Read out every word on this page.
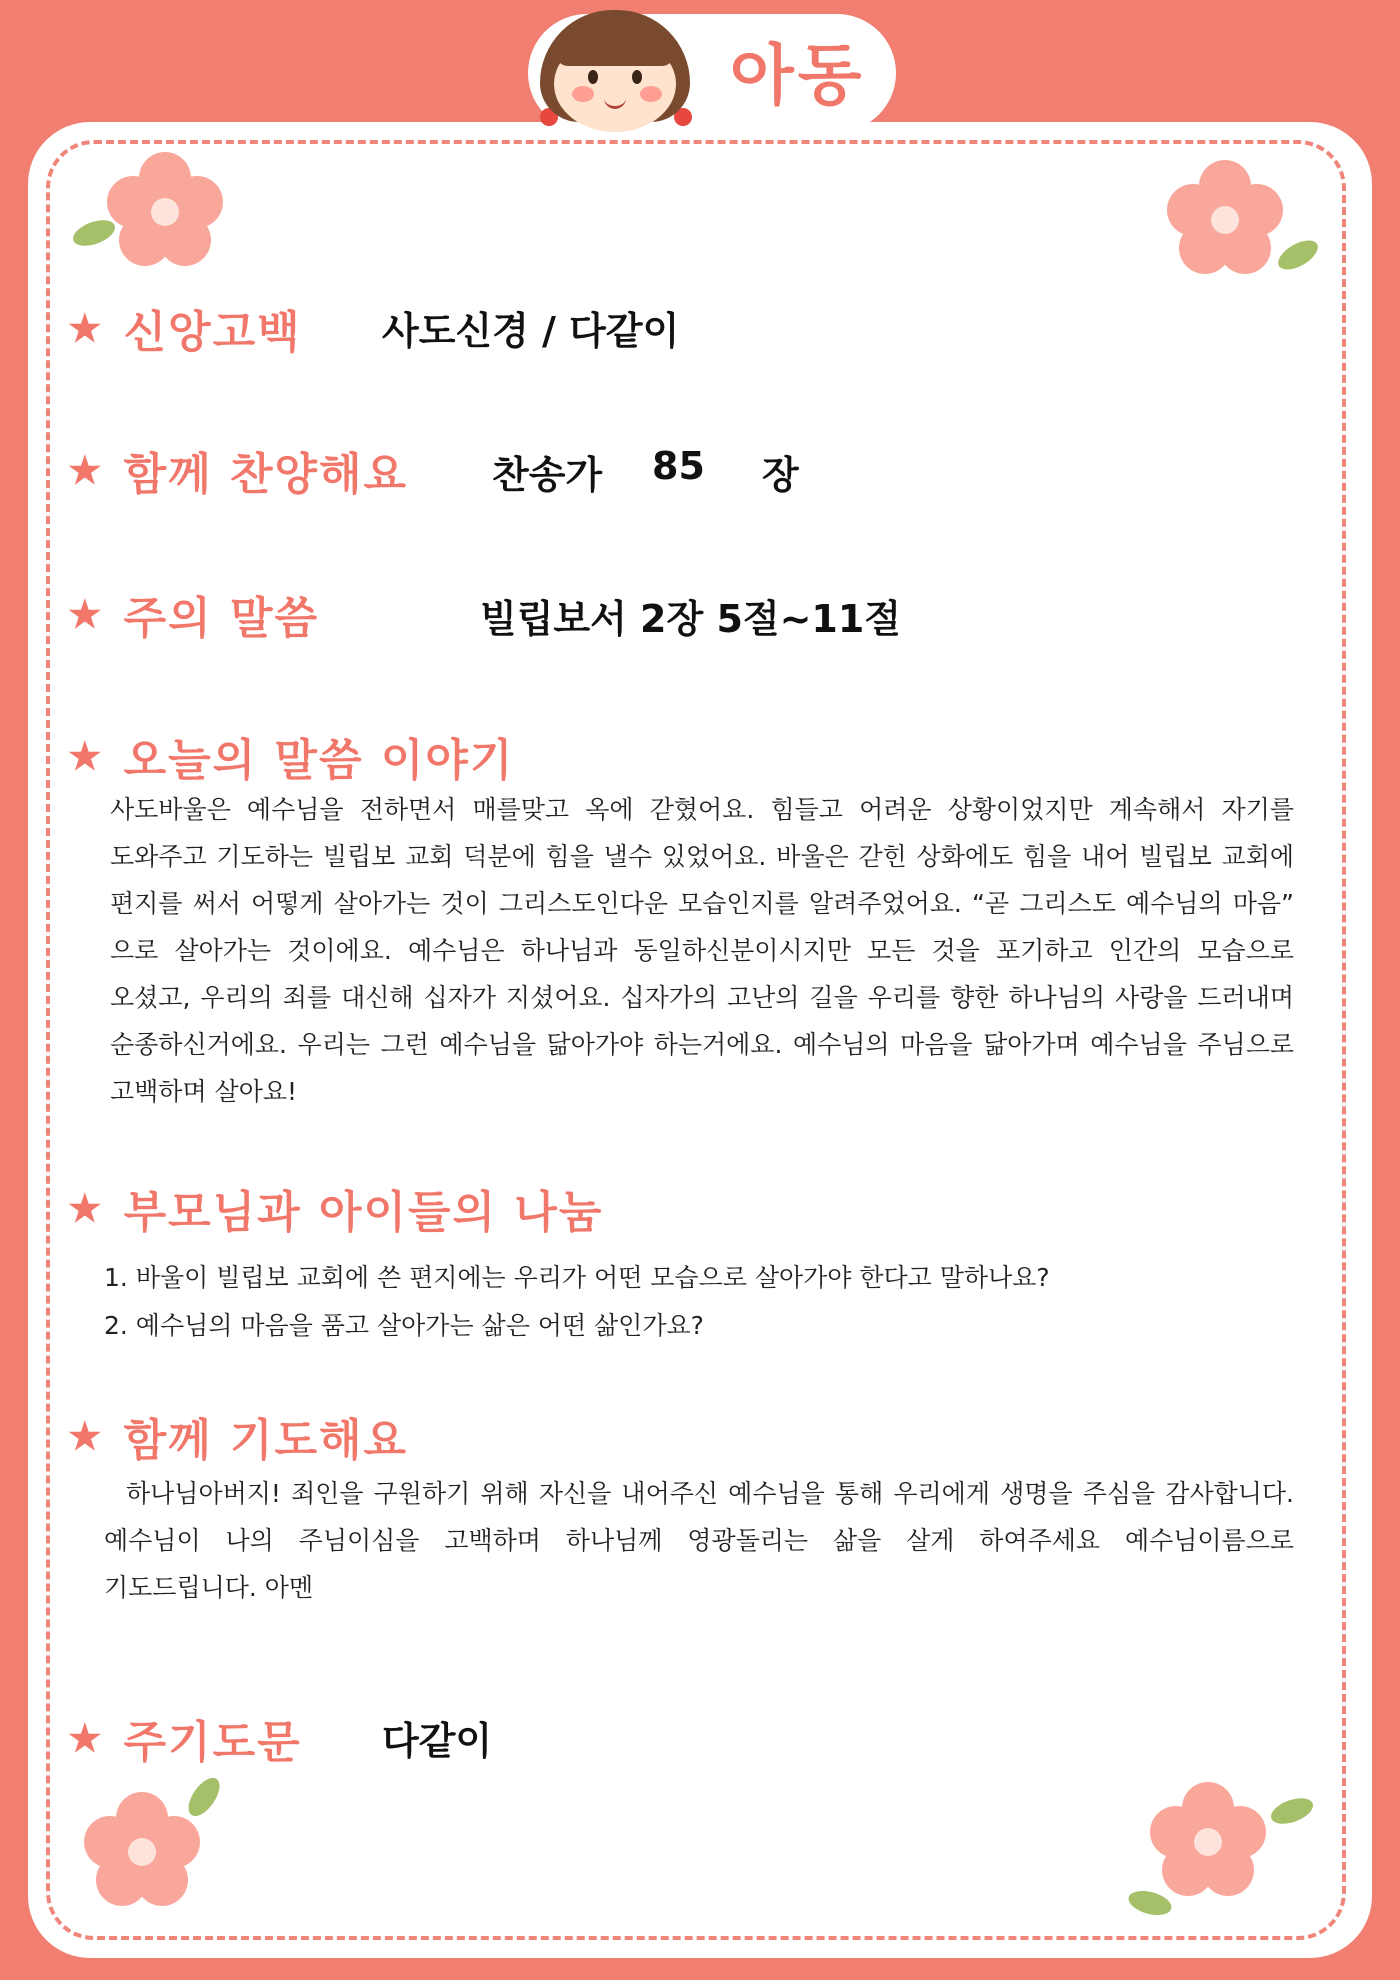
아동
★ 신앙고백 사도신경 / 다같이
★ 함께 찬양해요 찬송가 85 장
★ 주의 말씀	빌립보서 2장 5절~11절
★ 오늘의 말씀 이야기
사도바울은 예수님을 전하면서 매를맞고 옥에 갇혔어요. 힘들고 어려운 상황이었지만 계속해서 자기를 도와주고 기도하는 빌립보 교회 덕분에 힘을 낼수 있었어요. 바울은 갇힌 상화에도 힘을 내어 빌립보 교회에 편지를 써서 어떻게 살아가는 것이 그리스도인다운 모습인지를 알려주었어요. “곧 그리스도 예수님의 마음” 으로 살아가는 것이에요. 예수님은 하나님과 동일하신분이시지만 모든 것을 포기하고 인간의 모습으로 오셨고, 우리의 죄를 대신해 십자가 지셨어요. 십자가의 고난의 길을 우리를 향한 하나님의 사랑을 드러내며 순종하신거에요. 우리는 그런 예수님을 닮아가야 하는거에요. 예수님의 마음을 닮아가며 예수님을 주님으로 고백하며 살아요!
★ 부모님과 아이들의 나눔
1. 바울이 빌립보 교회에 쓴 편지에는 우리가 어떤 모습으로 살아가야 한다고 말하나요?
2. 예수님의 마음을 품고 살아가는 삶은 어떤 삶인가요?
★ 함께 기도해요
하나님아버지! 죄인을 구원하기 위해 자신을 내어주신 예수님을 통해 우리에게 생명을 주심을 감사합니다. 예수님이 나의 주님이심을 고백하며 하나님께 영광돌리는 삶을 살게 하여주세요 예수님이름으로 기도드립니다. 아멘
★ 주기도문 다같이
